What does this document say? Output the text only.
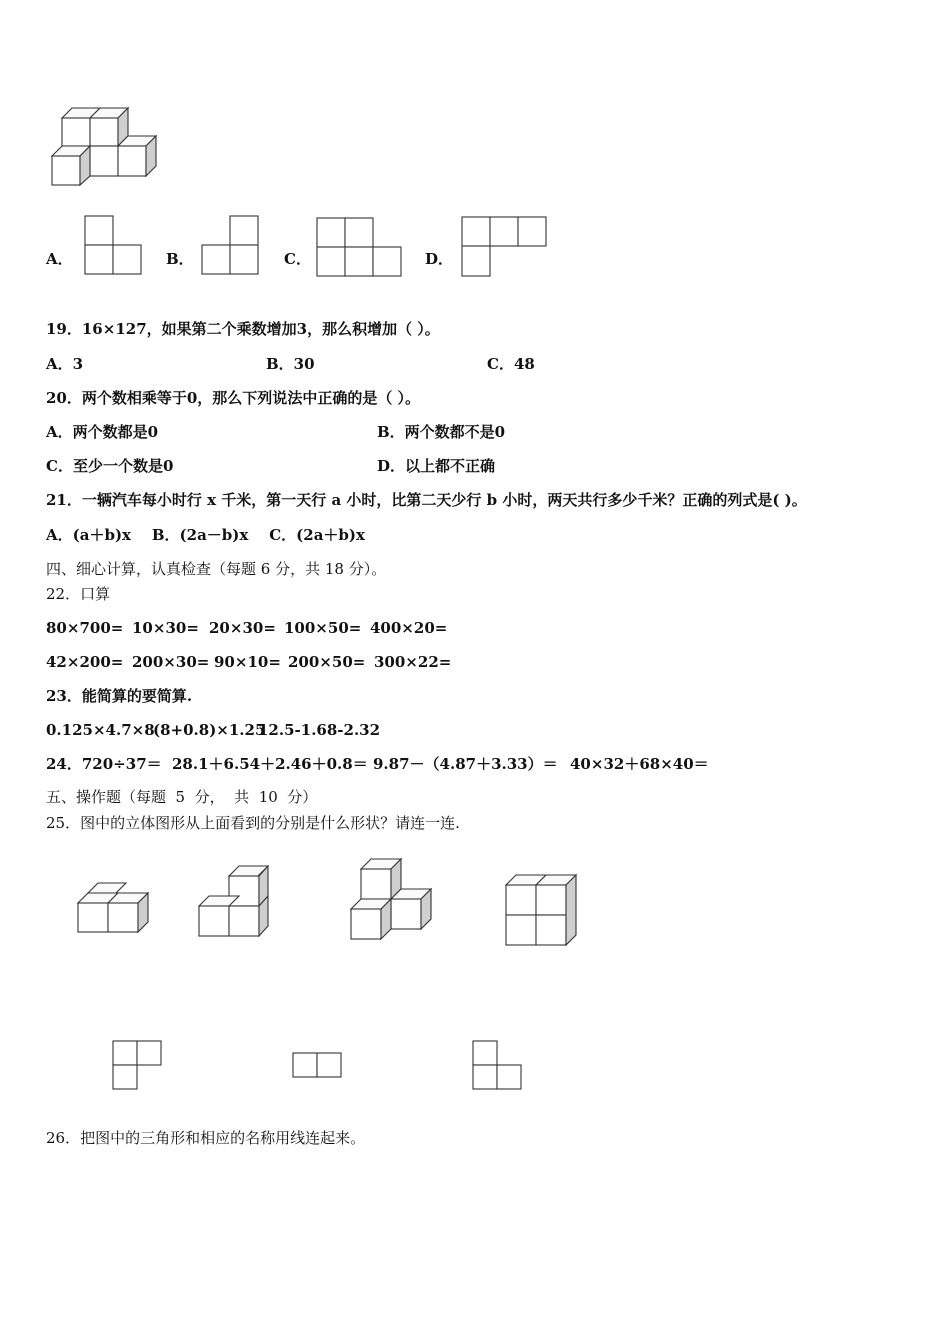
A．	B．	C．	D．
19．16×127，如果第二个乘数增加3，那么积增加（ ）。
A．3	B．30	C．48
20．两个数相乘等于0，那么下列说法中正确的是（ ）。
A．两个数都是0	B．两个数都不是0
C．至少一个数是0	D．以上都不正确
21．一辆汽车每小时行 x 千米，第一天行 a 小时，比第二天少行 b 小时，两天共行多少千米？正确的列式是( )。
A．(a＋b)x    B．(2a－b)x    C．(2a＋b)x
四、细心计算，认真检查（每题 6 分，共 18 分）。
22．口算
80×700= 10×30= 20×30= 100×50= 400×20=
42×200= 200×30= 90×10= 200×50= 300×22=
23．能简算的要简算.
0.125×4.7×8
(8+0.8)×1.25
12.5-1.68-2.32
24．720÷37＝ 28.1＋6.54＋2.46＋0.8＝ 9.87－（4.87＋3.33）＝ 40×32＋68×40＝
五、操作题（每题  5  分，  共  10  分）
25．图中的立体图形从上面看到的分别是什么形状？请连一连.
26．把图中的三角形和相应的名称用线连起来。
